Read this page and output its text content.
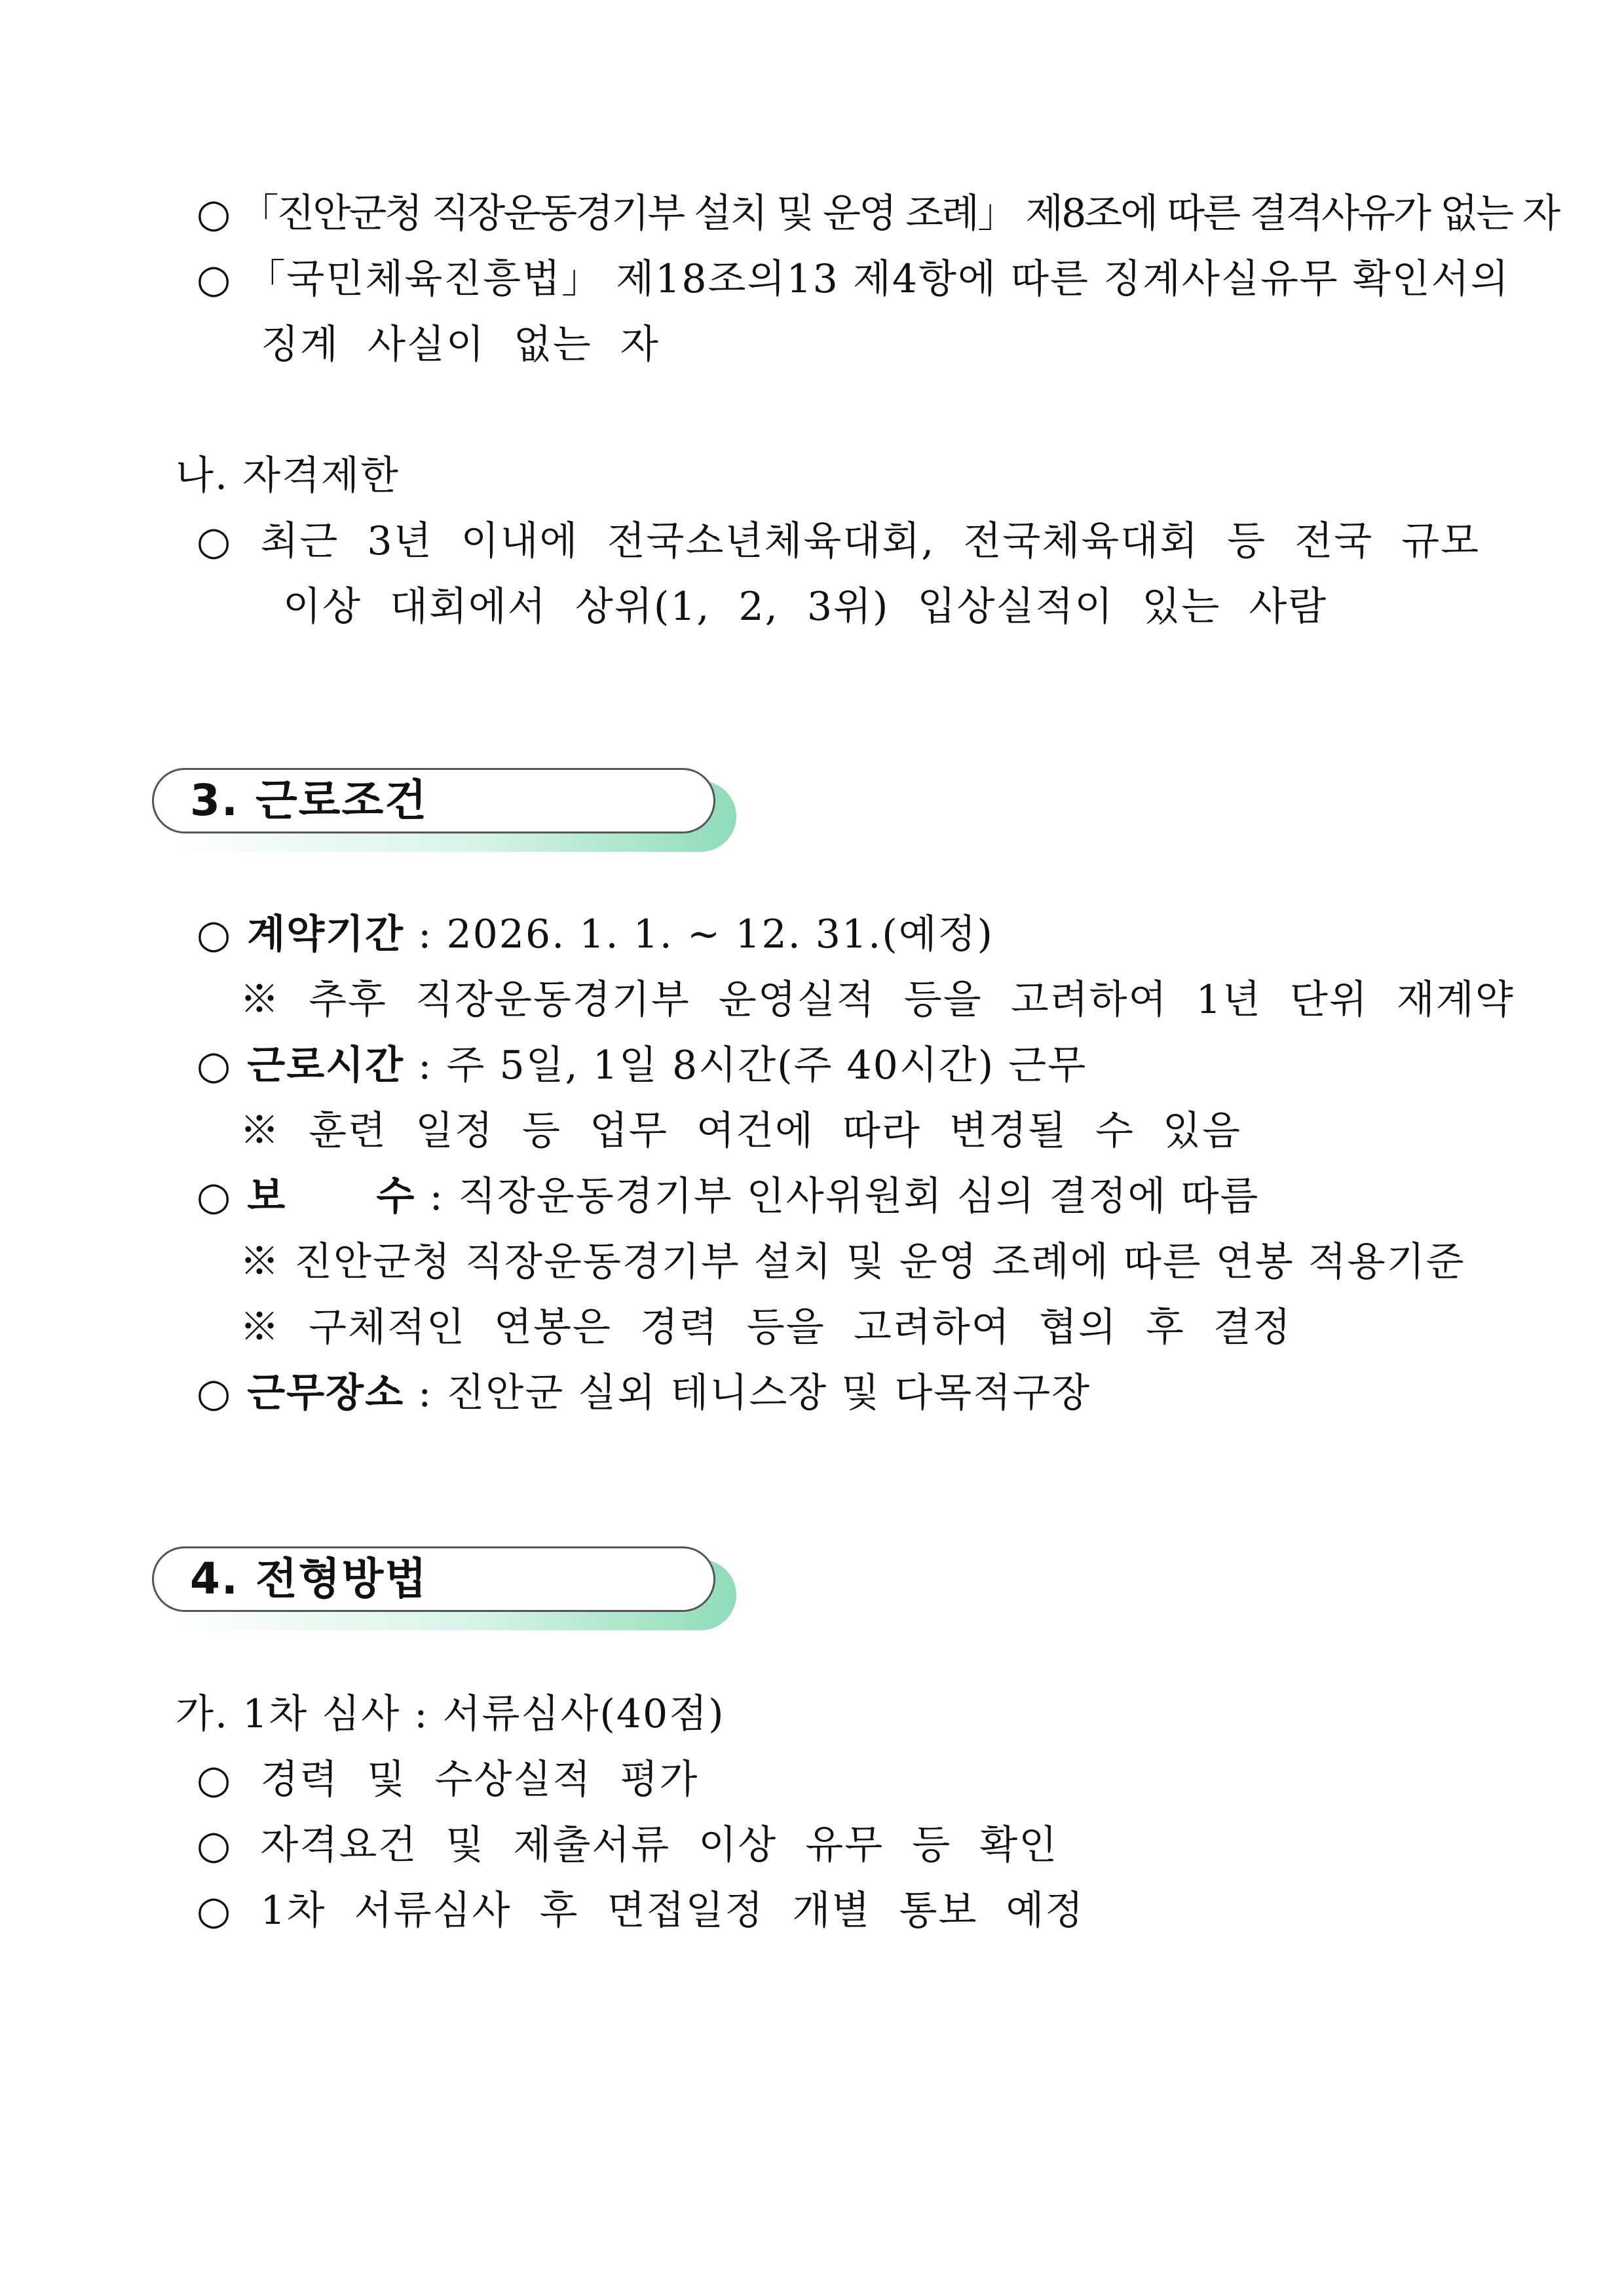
○ 「진안군청 직장운동경기부 설치 및 운영 조례」 제8조에 따른 결격사유가 없는 자
○ 「국민체육진흥법」 제18조의13 제4항에 따른 징계사실유무 확인서의
징계 사실이 없는 자
나. 자격제한
○ 최근 3년 이내에 전국소년체육대회, 전국체육대회 등 전국 규모
이상 대회에서 상위(1, 2, 3위) 입상실적이 있는 사람
3. 근로조건
○ 계약기간 : 2026. 1. 1. ~ 12. 31.(예정)
※ 추후 직장운동경기부 운영실적 등을 고려하여 1년 단위 재계약
○ 근로시간 : 주 5일, 1일 8시간(주 40시간) 근무
※ 훈련 일정 등 업무 여건에 따라 변경될 수 있음
○ 보      수 : 직장운동경기부 인사위원회 심의 결정에 따름
※ 진안군청 직장운동경기부 설치 및 운영 조례에 따른 연봉 적용기준
※ 구체적인 연봉은 경력 등을 고려하여 협의 후 결정
○ 근무장소 : 진안군 실외 테니스장 및 다목적구장
4. 전형방법
가. 1차 심사 : 서류심사(40점)
○ 경력 및 수상실적 평가
○ 자격요건 및 제출서류 이상 유무 등 확인
○ 1차 서류심사 후 면접일정 개별 통보 예정
